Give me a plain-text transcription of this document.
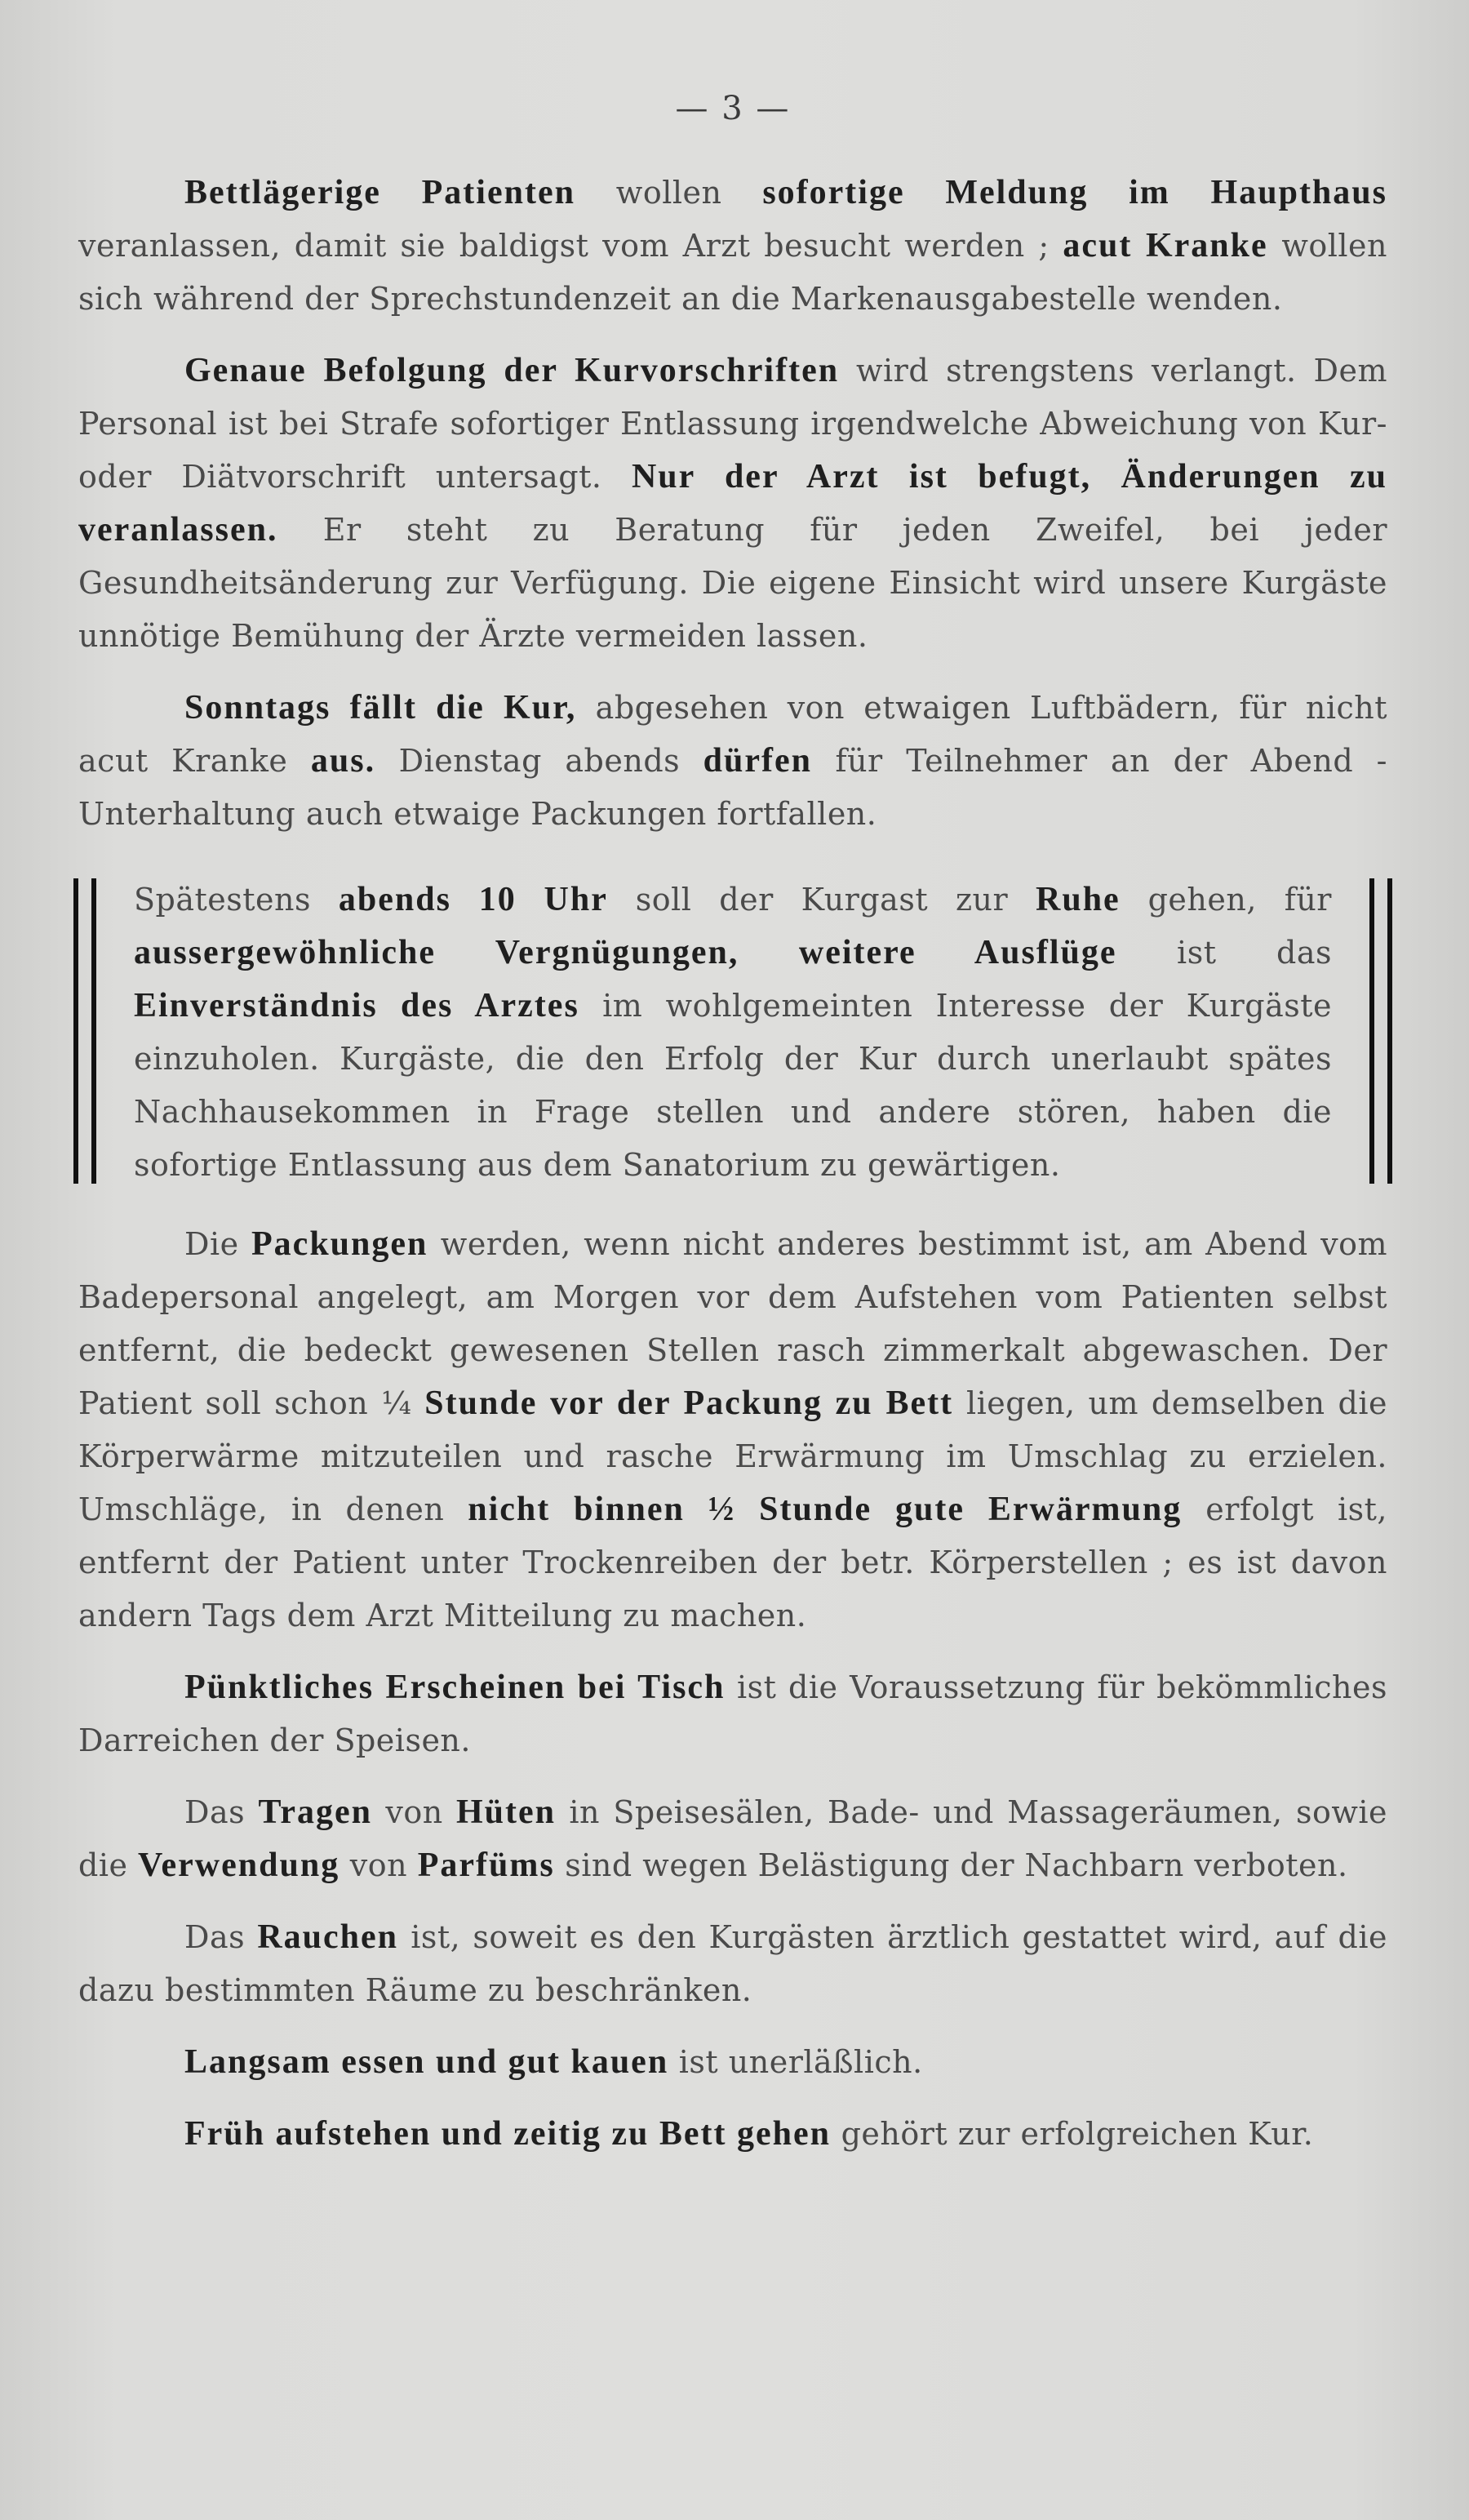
— 3 —

Bettlägerige Patienten wollen sofortige Meldung im Haupthaus veranlassen, damit sie baldigst vom Arzt besucht werden ; acut Kranke wollen sich während der Sprechstundenzeit an die Markenausgabestelle wenden.

Genaue Befolgung der Kurvorschriften wird strengstens verlangt. Dem Personal ist bei Strafe sofortiger Entlassung irgendwelche Abweichung von Kur- oder Diätvorschrift untersagt. Nur der Arzt ist befugt, Änderungen zu veranlassen. Er steht zu Beratung für jeden Zweifel, bei jeder Gesundheitsänderung zur Verfügung. Die eigene Einsicht wird unsere Kurgäste unnötige Bemühung der Ärzte vermeiden lassen.

Sonntags fällt die Kur, abgesehen von etwaigen Luftbädern, für nicht acut Kranke aus. Dienstag abends dürfen für Teilnehmer an der Abend - Unterhaltung auch etwaige Packungen fortfallen.

Spätestens abends 10 Uhr soll der Kurgast zur Ruhe gehen, für aussergewöhnliche Vergnügungen, weitere Ausflüge ist das Einverständnis des Arztes im wohlgemeinten Interesse der Kurgäste einzuholen. Kurgäste, die den Erfolg der Kur durch unerlaubt spätes Nachhausekommen in Frage stellen und andere stören, haben die sofortige Entlassung aus dem Sanatorium zu gewärtigen.

Die Packungen werden, wenn nicht anderes bestimmt ist, am Abend vom Badepersonal angelegt, am Morgen vor dem Aufstehen vom Patienten selbst entfernt, die bedeckt gewesenen Stellen rasch zimmerkalt abgewaschen. Der Patient soll schon ¼ Stunde vor der Packung zu Bett liegen, um demselben die Körperwärme mitzuteilen und rasche Erwärmung im Umschlag zu erzielen. Umschläge, in denen nicht binnen ½ Stunde gute Erwärmung erfolgt ist, entfernt der Patient unter Trockenreiben der betr. Körperstellen ; es ist davon andern Tags dem Arzt Mitteilung zu machen.

Pünktliches Erscheinen bei Tisch ist die Voraussetzung für bekömmliches Darreichen der Speisen.

Das Tragen von Hüten in Speisesälen, Bade- und Massageräumen, sowie die Verwendung von Parfüms sind wegen Belästigung der Nachbarn verboten.

Das Rauchen ist, soweit es den Kurgästen ärztlich gestattet wird, auf die dazu bestimmten Räume zu beschränken.

Langsam essen und gut kauen ist unerläßlich.

Früh aufstehen und zeitig zu Bett gehen gehört zur erfolgreichen Kur.
